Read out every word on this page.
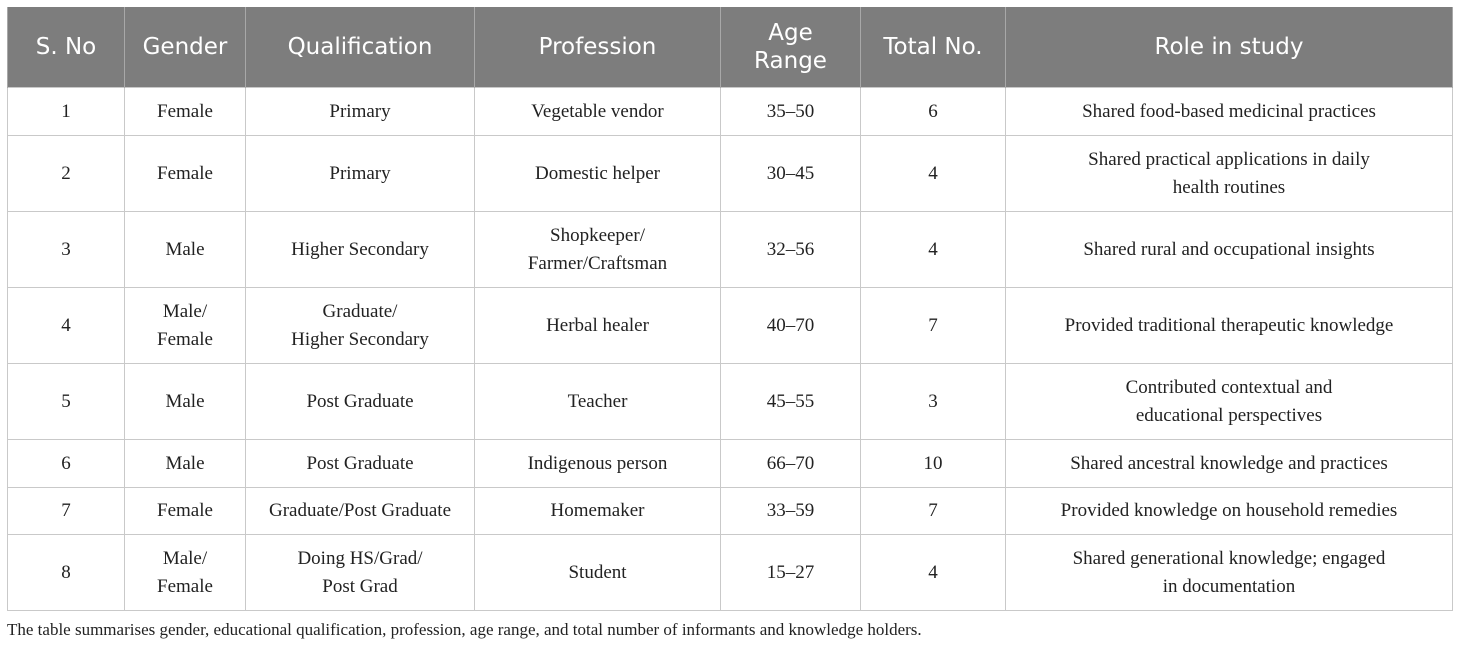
S. No	Gender	Qualification	Profession	Age
Range	Total No.	Role in study
1	Female	Primary	Vegetable vendor	35–50	6	Shared food-based medicinal practices
2	Female	Primary	Domestic helper	30–45	4	Shared practical applications in daily
health routines
3	Male	Higher Secondary	Shopkeeper/
Farmer/Craftsman	32–56	4	Shared rural and occupational insights
4	Male/
Female	Graduate/
Higher Secondary	Herbal healer	40–70	7	Provided traditional therapeutic knowledge
5	Male	Post Graduate	Teacher	45–55	3	Contributed contextual and
educational perspectives
6	Male	Post Graduate	Indigenous person	66–70	10	Shared ancestral knowledge and practices
7	Female	Graduate/Post Graduate	Homemaker	33–59	7	Provided knowledge on household remedies
8	Male/
Female	Doing HS/Grad/
Post Grad	Student	15–27	4	Shared generational knowledge; engaged
in documentation
The table summarises gender, educational qualification, profession, age range, and total number of informants and knowledge holders.
